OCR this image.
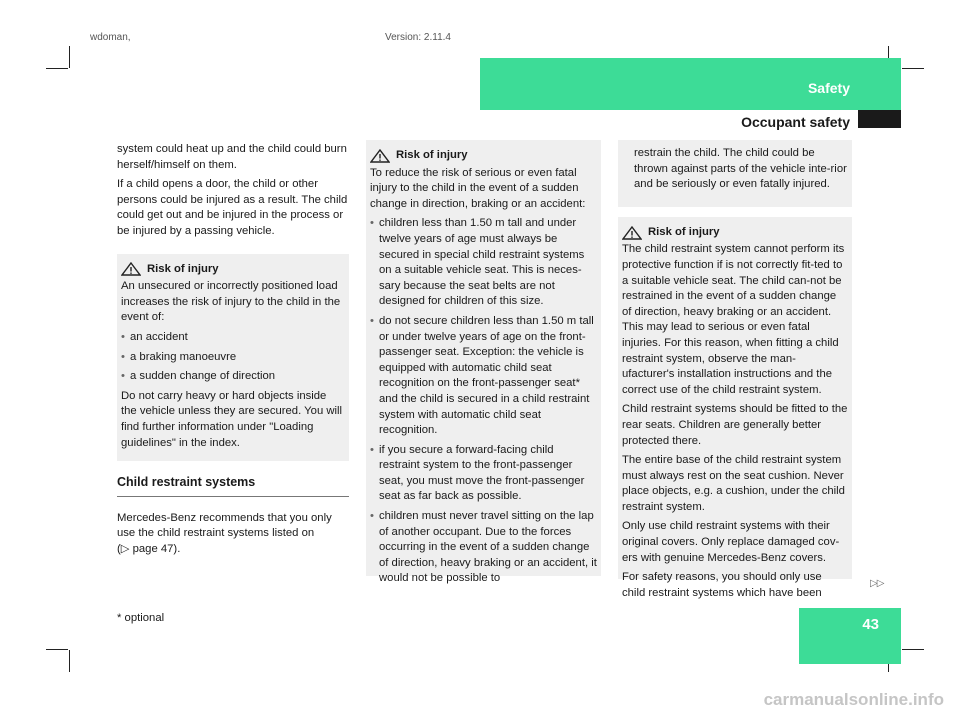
wdoman,	Version: 2.11.4
Safety
Occupant safety

system could heat up and the child could burn herself/himself on them.

If a child opens a door, the child or other persons could be injured as a result. The child could get out and be injured in the process or be injured by a passing vehicle.

Risk of injury

An unsecured or incorrectly positioned load increases the risk of injury to the child in the event of:

• an accident
• a braking manoeuvre
• a sudden change of direction

Do not carry heavy or hard objects inside the vehicle unless they are secured. You will find further information under "Loading guidelines" in the index.

Child restraint systems

Mercedes-Benz recommends that you only use the child restraint systems listed on
(▷ page 47).

Risk of injury

To reduce the risk of serious or even fatal injury to the child in the event of a sudden change in direction, braking or an accident:

• children less than 1.50 m tall and under twelve years of age must always be secured in special child restraint systems on a suitable vehicle seat. This is neces-sary because the seat belts are not designed for children of this size.
• do not secure children less than 1.50 m tall or under twelve years of age on the front-passenger seat. Exception: the vehicle is equipped with automatic child seat recognition on the front-passenger seat* and the child is secured in a child restraint system with automatic child seat recognition.
• if you secure a forward-facing child restraint system to the front-passenger seat, you must move the front-passenger seat as far back as possible.
• children must never travel sitting on the lap of another occupant. Due to the forces occurring in the event of a sudden change of direction, heavy braking or an accident, it would not be possible to

restrain the child. The child could be thrown against parts of the vehicle inte-rior and be seriously or even fatally injured.

Risk of injury

The child restraint system cannot perform its protective function if is not correctly fit-ted to a suitable vehicle seat. The child can-not be restrained in the event of a sudden change of direction, heavy braking or an accident. This may lead to serious or even fatal injuries. For this reason, when fitting a child restraint system, observe the man-ufacturer's installation instructions and the correct use of the child restraint system.

Child restraint systems should be fitted to the rear seats. Children are generally better protected there.

The entire base of the child restraint system must always rest on the seat cushion. Never place objects, e.g. a cushion, under the child restraint system.

Only use child restraint systems with their original covers. Only replace damaged cov-ers with genuine Mercedes-Benz covers.

For safety reasons, you should only use child restraint systems which have been

▷▷
43
* optional
carmanualsonline.info
